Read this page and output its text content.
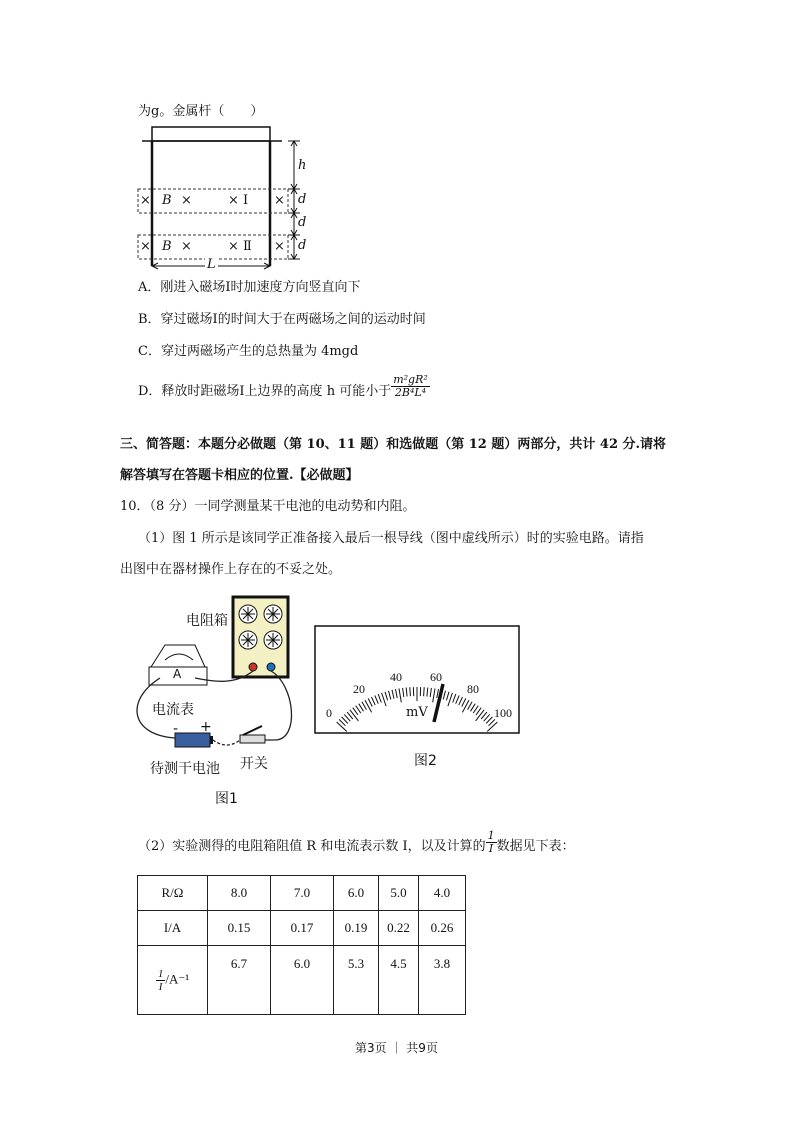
为g。金属杆（　　）
h
d
d
d
L
× B ×	× Ⅰ ×
× B ×	× Ⅱ ×
A．刚进入磁场Ⅰ时加速度方向竖直向下
B．穿过磁场Ⅰ的时间大于在两磁场之间的运动时间
C．穿过两磁场产生的总热量为 4mgd
D．释放时距磁场Ⅰ上边界的高度 h 可能小于 $\frac{\text{m²gR²}}{\text{2B⁴L⁴}}$
三、简答题：本题分必做题（第 10、11 题）和选做题（第 12 题）两部分，共计 42 分.请将
解答填写在答题卡相应的位置.【必做题】
10．（8 分）一同学测量某干电池的电动势和内阻。
（1）图 1 所示是该同学正准备接入最后一根导线（图中虚线所示）时的实验电路。请指
出图中在器材操作上存在的不妥之处。
电阻箱
A
电流表
- +
待测干电池 开关
图1
0
20
40 60
80
100
mV
图2
（2）实验测得的电阻箱阻值 R 和电流表示数 I，以及计算的 $\frac{1}{I}$ 数据见下表：
R/Ω	8.0	7.0	6.0	5.0	4.0
I/A	0.15	0.17	0.19	0.22	0.26

$\frac{1}{I} /A^{-1}$	6.7	6.0	5.3	4.5	3.8
第3页 ｜ 共9页
